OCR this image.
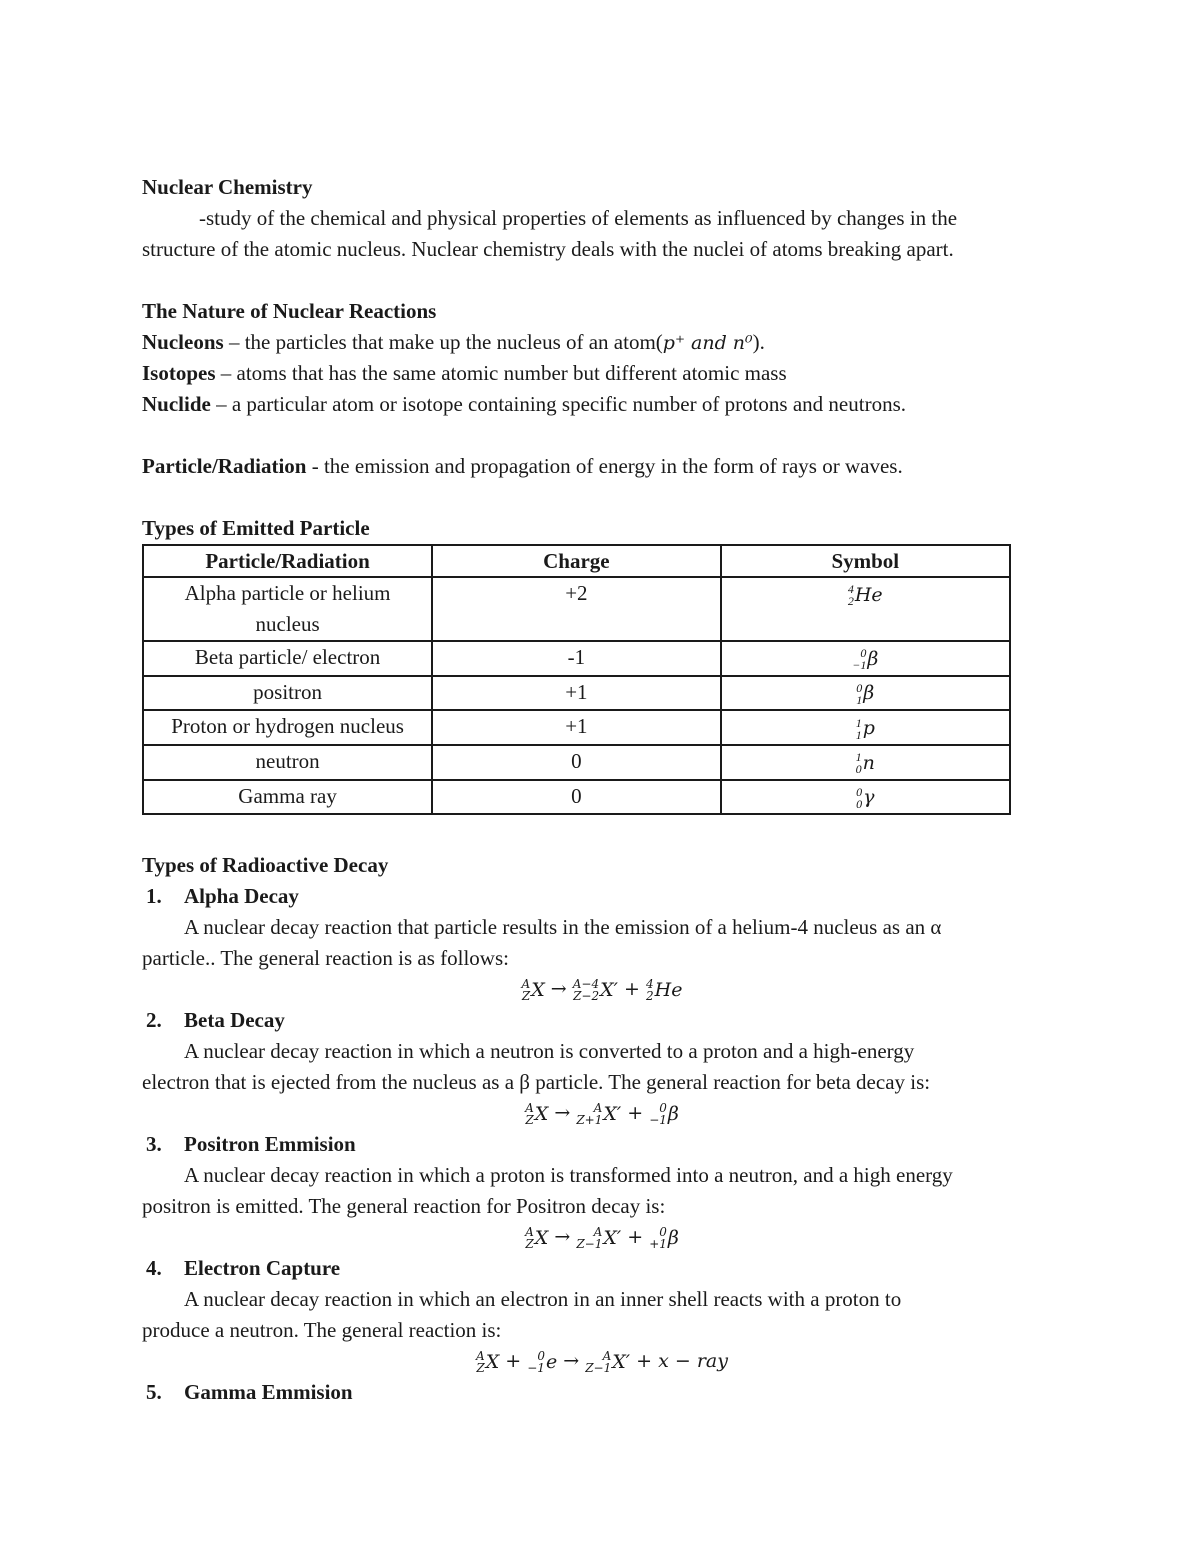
Nuclear Chemistry
-study of the chemical and physical properties of elements as influenced by changes in the
structure of the atomic nucleus. Nuclear chemistry deals with the nuclei of atoms breaking apart.
The Nature of Nuclear Reactions
Nucleons – the particles that make up the nucleus of an atom(p⁺ and n⁰).
Isotopes – atoms that has the same atomic number but different atomic mass
Nuclide – a particular atom or isotope containing specific number of protons and neutrons.
Particle/Radiation - the emission and propagation of energy in the form of rays or waves.
Types of Emitted Particle
Particle/Radiation	Charge	Symbol
Alpha particle or helium nucleus	+2	4
2 He

Beta particle/ electron	-1	0
−1 β

positron	+1	0
1 β

Proton or hydrogen nucleus	+1	1
1 p

neutron	0	1
0 n

Gamma ray	0	0
0 γ
Types of Radioactive Decay
1. Alpha Decay
A nuclear decay reaction that particle results in the emission of a helium-4 nucleus as an α
particle.. The general reaction is as follows:
A
Z X → A−4
Z−2 X′ + 4
2 He
2. Beta Decay
A nuclear decay reaction in which a neutron is converted to a proton and a high-energy
electron that is ejected from the nucleus as a β particle. The general reaction for beta decay is:
A
Z X → A
Z+1 X′ + 0
−1 β
3. Positron Emmision
A nuclear decay reaction in which a proton is transformed into a neutron, and a high energy
positron is emitted. The general reaction for Positron decay is:
A
Z X → A
Z−1 X′ + 0
+1 β
4. Electron Capture
A nuclear decay reaction in which an electron in an inner shell reacts with a proton to
produce a neutron. The general reaction is:
A
Z X + 0
−1 e → A
Z−1 X′ + x − ray
5. Gamma Emmision
